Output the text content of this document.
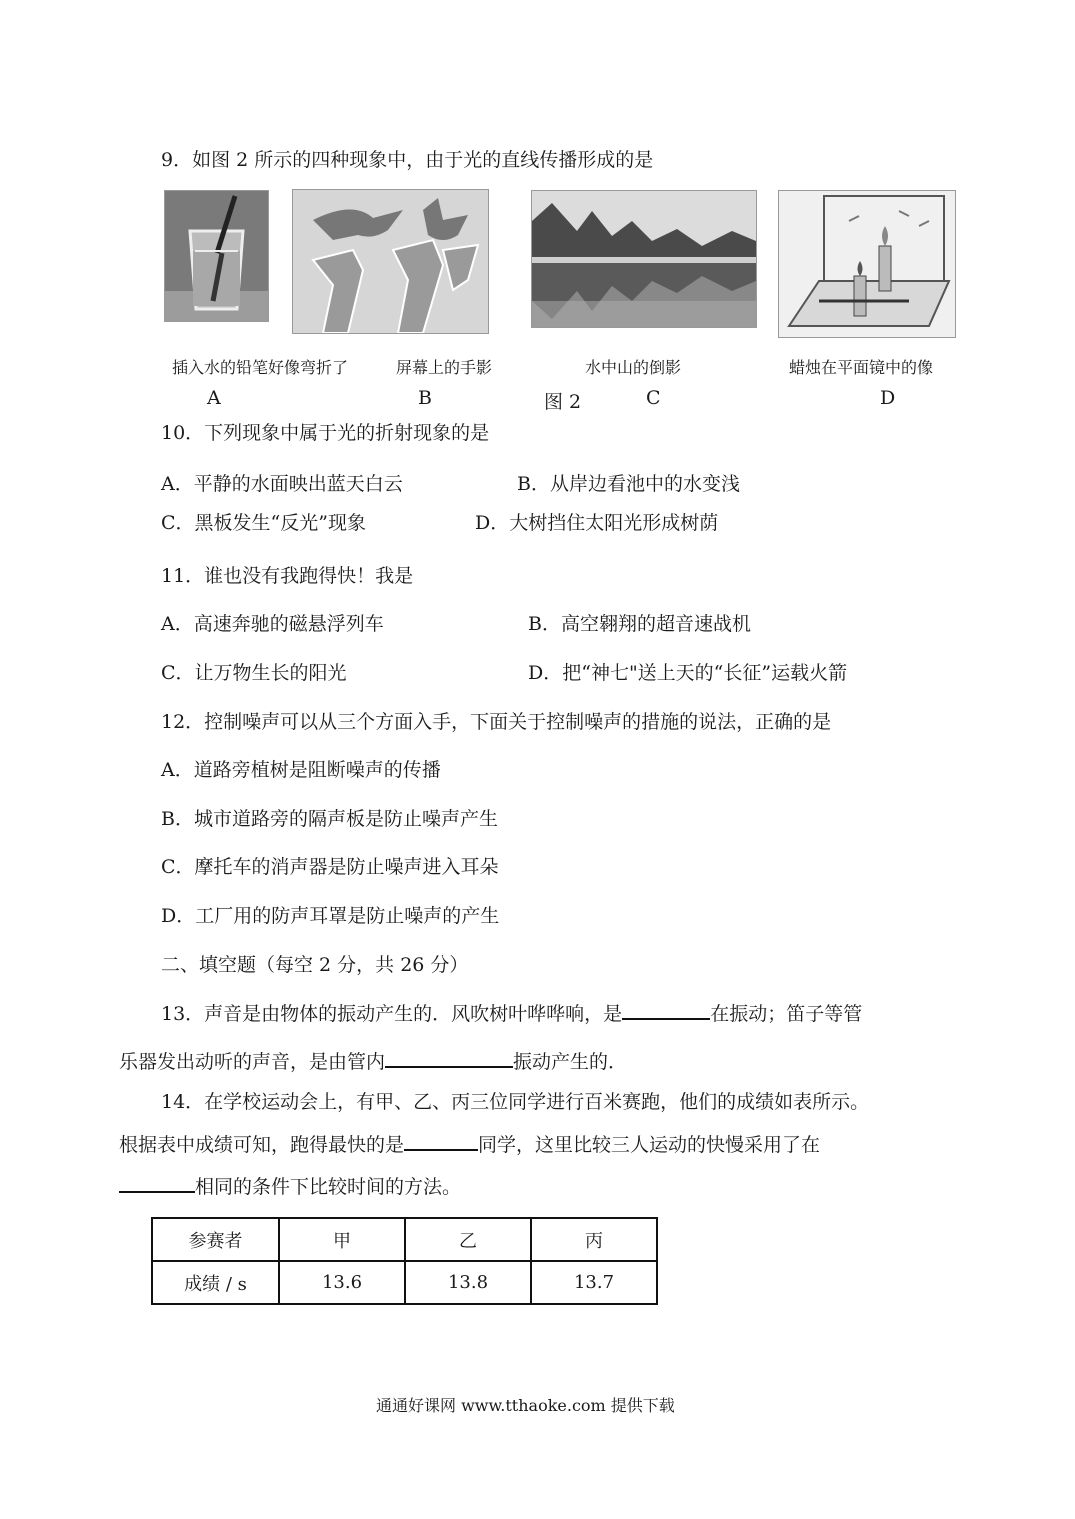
9．如图 2 所示的四种现象中，由于光的直线传播形成的是
插入水的铅笔好像弯折了	屏幕上的手影	水中山的倒影	蜡烛在平面镜中的像
A	B	图 2	C	D
10．下列现象中属于光的折射现象的是
A．平静的水面映出蓝天白云	B．从岸边看池中的水变浅
C．黑板发生“反光”现象	D．大树挡住太阳光形成树荫
11．谁也没有我跑得快！我是
A．高速奔驰的磁悬浮列车	B．高空翱翔的超音速战机
C．让万物生长的阳光	D．把“神七"送上天的“长征”运载火箭
12．控制噪声可以从三个方面入手，下面关于控制噪声的措施的说法，正确的是
A．道路旁植树是阻断噪声的传播
B．城市道路旁的隔声板是防止噪声产生
C．摩托车的消声器是防止噪声进入耳朵
D．工厂用的防声耳罩是防止噪声的产生
二、填空题（每空 2 分，共 26 分）
13．声音是由物体的振动产生的．风吹树叶哗哗响，是	在振动；笛子等管
乐器发出动听的声音，是由管内	振动产生的．
14．在学校运动会上，有甲、乙、丙三位同学进行百米赛跑，他们的成绩如表所示。
根据表中成绩可知，跑得最快的是	同学，这里比较三人运动的快慢采用了在
相同的条件下比较时间的方法。
参赛者	甲	乙	丙
成绩 / s	13.6	13.8	13.7
通通好课网 www.tthaoke.com 提供下载
